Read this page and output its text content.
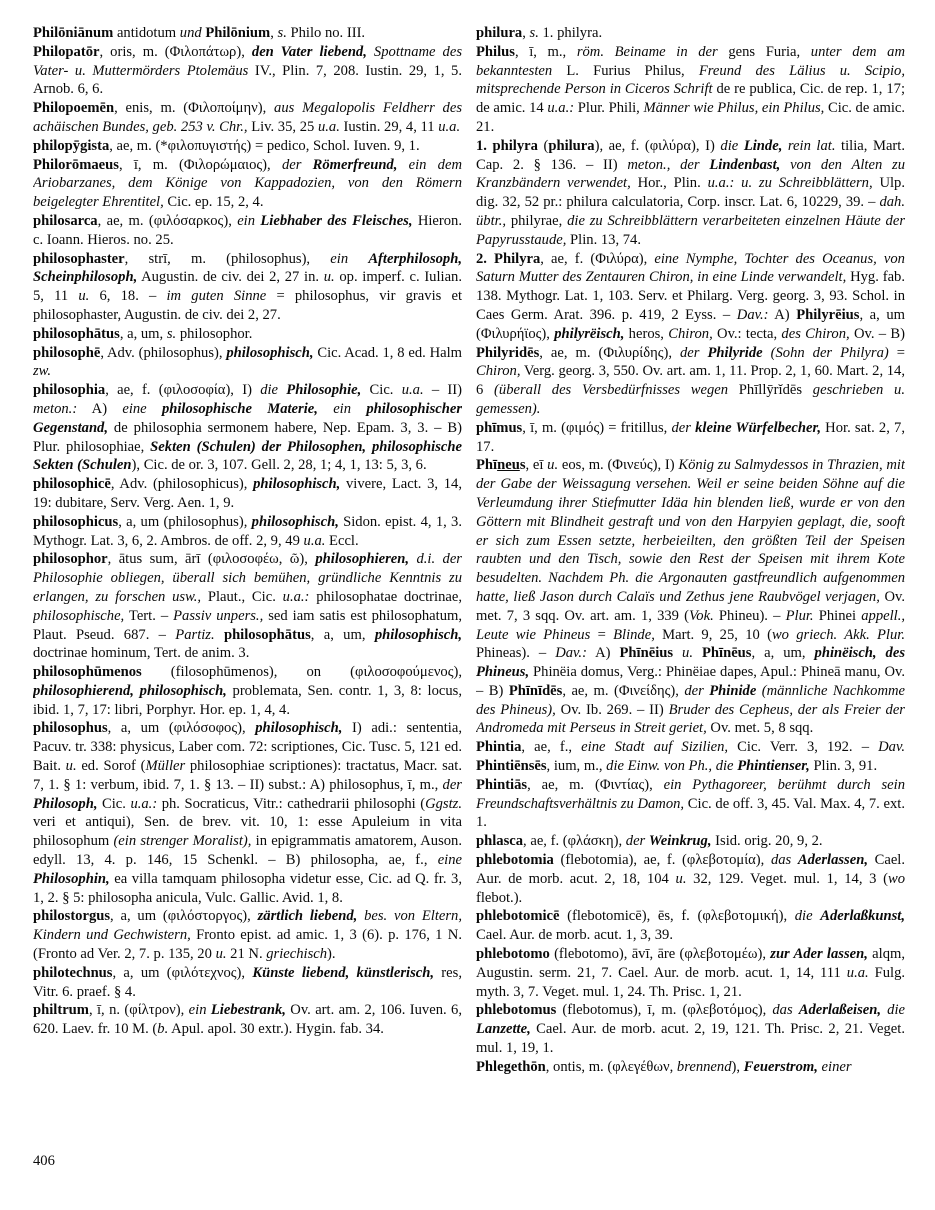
Philōniānum antidotum und Philōnium, s. Philo no. III.

Philopatōr, oris, m. (Φιλοπάτωρ), den Vater liebend, Spottname des Vater- u. Muttermörders Ptolemäus IV., Plin. 7, 208. Iustin. 29, 1, 5. Arnob. 6, 6.

Philopoemēn, enis, m. (Φιλοποίμην), aus Megalopolis Feldherr des achäischen Bundes, geb. 253 v. Chr., Liv. 35, 25 u.a. Iustin. 29, 4, 11 u.a.

philopȳgista, ae, m. (*φιλοπυγιστής) = pedico, Schol. Iuven. 9, 1.

Philorōmaeus, ī, m. (Φιλορώμαιος), der Römerfreund, ein dem Ariobarzanes, dem Könige von Kappadozien, von den Römern beigelegter Ehrentitel, Cic. ep. 15, 2, 4.

philosarca, ae, m. (φιλόσαρκος), ein Liebhaber des Fleisches, Hieron. c. Ioann. Hieros. no. 25.

philosophaster, strī, m. (philosophus), ein Afterphilosoph, Scheinphilosoph, Augustin. de civ. dei 2, 27 in. u. op. imperf. c. Iulian. 5, 11 u. 6, 18. – im guten Sinne = philosophus, vir gravis et philosophaster, Augustin. de civ. dei 2, 27.

philosophātus, a, um, s. philosophor.

philosophē, Adv. (philosophus), philosophisch, Cic. Acad. 1, 8 ed. Halm zw.

philosophia, ae, f. (φιλοσοφία), I) die Philosophie, Cic. u.a. – II) meton.: A) eine philosophische Materie, ein philosophischer Gegenstand, de philosophia sermonem habere, Nep. Epam. 3, 3. – B) Plur. philosophiae, Sekten (Schulen) der Philosophen, philosophische Sekten (Schulen), Cic. de or. 3, 107. Gell. 2, 28, 1; 4, 1, 13: 5, 3, 6.

philosophicē, Adv. (philosophicus), philosophisch, vivere, Lact. 3, 14, 19: dubitare, Serv. Verg. Aen. 1, 9.

philosophicus, a, um (philosophus), philosophisch, Sidon. epist. 4, 1, 3. Mythogr. Lat. 3, 6, 2. Ambros. de off. 2, 9, 49 u.a. Eccl.

philosophor, ātus sum, ārī (φιλοσοφέω, ῶ), philosophieren, d.i. der Philosophie obliegen, überall sich bemühen, gründliche Kenntnis zu erlangen, zu forschen usw., Plaut., Cic. u.a.: philosophatae doctrinae, philosophische, Tert. – Passiv unpers., sed iam satis est philosophatum, Plaut. Pseud. 687. – Partiz. philosophātus, a, um, philosophisch, doctrinae hominum, Tert. de anim. 3.

philosophūmenos (filosophūmenos), on (φιλοσοφούμενος), philosophierend, philosophisch, problemata, Sen. contr. 1, 3, 8: locus, ibid. 1, 7, 17: libri, Porphyr. Hor. ep. 1, 4, 4.

philosophus, a, um (φιλόσοφος), philosophisch, I) adi.: sententia, Pacuv. tr. 338: physicus, Laber com. 72: scriptiones, Cic. Tusc. 5, 121 ed. Bait. u. ed. Sorof (Müller philosophiae scriptiones): tractatus, Macr. sat. 7, 1. § 1: verbum, ibid. 7, 1. § 13. – II) subst.: A) philosophus, ī, m., der Philosoph, Cic. u.a.: ph. Socraticus, Vitr.: cathedrarii philosophi (Ggstz. veri et antiqui), Sen. de brev. vit. 10, 1: esse Apuleium in vita philosophum (ein strenger Moralist), in epigrammatis amatorem, Auson. edyll. 13, 4. p. 146, 15 Schenkl. – B) philosopha, ae, f., eine Philosophin, ea villa tamquam philosopha videtur esse, Cic. ad Q. fr. 3, 1, 2. § 5: philosopha anicula, Vulc. Gallic. Avid. 1, 8.

philostorgus, a, um (φιλόστοργος), zärtlich liebend, bes. von Eltern, Kindern und Gechwistern, Fronto epist. ad amic. 1, 3 (6). p. 176, 1 N. (Fronto ad Ver. 2, 7. p. 135, 20 u. 21 N. griechisch).

philotechnus, a, um (φιλότεχνος), Künste liebend, künstlerisch, res, Vitr. 6. praef. § 4.

philtrum, ī, n. (φίλτρον), ein Liebestrank, Ov. art. am. 2, 106. Iuven. 6, 620. Laev. fr. 10 M. (b. Apul. apol. 30 extr.). Hygin. fab. 34.

philura, s. 1. philyra.

Philus, ī, m., röm. Beiname in der gens Furia, unter dem am bekanntesten L. Furius Philus, Freund des Lälius u. Scipio, mitsprechende Person in Ciceros Schrift de re publica, Cic. de rep. 1, 17; de amic. 14 u.a.: Plur. Phili, Männer wie Philus, ein Philus, Cic. de amic. 21.

1. philyra (philura), ae, f. (φιλύρα), I) die Linde, rein lat. tilia, Mart. Cap. 2. § 136. – II) meton., der Lindenbast, von den Alten zu Kranzbändern verwendet, Hor., Plin. u.a.: u. zu Schreibblättern, Ulp. dig. 32, 52 pr.: philura calculatoria, Corp. inscr. Lat. 6, 10229, 39. – dah. übtr., philyrae, die zu Schreibblättern verarbeiteten einzelnen Häute der Papyrusstaude, Plin. 13, 74.

2. Philyra, ae, f. (Φιλύρα), eine Nymphe, Tochter des Oceanus, von Saturn Mutter des Zentauren Chiron, in eine Linde verwandelt, Hyg. fab. 138. Mythogr. Lat. 1, 103. Serv. et Philarg. Verg. georg. 3, 93. Schol. in Caes Germ. Arat. 396. p. 419, 2 Eyss. – Dav.: A) Philyrēius, a, um (Φιλυρήϊος), philyrëisch, heros, Chiron, Ov.: tecta, des Chiron, Ov. – B) Philyridēs, ae, m. (Φιλυρίδης), der Philyride (Sohn der Philyra) = Chiron, Verg. georg. 3, 550. Ov. art. am. 1, 11. Prop. 2, 1, 60. Mart. 2, 14, 6 (überall des Versbedürfnisses wegen Phīllȳrĭdēs geschrieben u. gemessen).

phīmus, ī, m. (φιμός) = fritillus, der kleine Würfelbecher, Hor. sat. 2, 7, 17.

Phīneus, eī u. eos, m. (Φινεύς), I) König zu Salmydessos in Thrazien, mit der Gabe der Weissagung versehen. Weil er seine beiden Söhne auf die Verleumdung ihrer Stiefmutter Idäa hin blenden ließ, wurde er von den Göttern mit Blindheit gestraft und von den Harpyien geplagt, die, sooft er sich zum Essen setzte, herbeieilten, den größten Teil der Speisen raubten und den Tisch, sowie den Rest der Speisen mit ihrem Kote besudelten. Nachdem Ph. die Argonauten gastfreundlich aufgenommen hatte, ließ Jason durch Calaïs und Zethus jene Raubvögel verjagen, Ov. met. 7, 3 sqq. Ov. art. am. 1, 339 (Vok. Phineu). – Plur. Phinei appell., Leute wie Phineus = Blinde, Mart. 9, 25, 10 (wo griech. Akk. Plur. Phineas). – Dav.: A) Phīnēius u. Phīnēus, a, um, phinëisch, des Phineus, Phinëia domus, Verg.: Phinëiae dapes, Apul.: Phineā manu, Ov. – B) Phīnīdēs, ae, m. (Φινείδης), der Phinide (männliche Nachkomme des Phineus), Ov. Ib. 269. – II) Bruder des Cepheus, der als Freier der Andromeda mit Perseus in Streit geriet, Ov. met. 5, 8 sqq.

Phintia, ae, f., eine Stadt auf Sizilien, Cic. Verr. 3, 192. – Dav. Phintiēnsēs, ium, m., die Einw. von Ph., die Phintienser, Plin. 3, 91.

Phintiās, ae, m. (Φιντίας), ein Pythagoreer, berühmt durch sein Freundschaftsverhältnis zu Damon, Cic. de off. 3, 45. Val. Max. 4, 7. ext. 1.

phlasca, ae, f. (φλάσκη), der Weinkrug, Isid. orig. 20, 9, 2.

phlebotomia (flebotomia), ae, f. (φλεβοτομία), das Aderlassen, Cael. Aur. de morb. acut. 2, 18, 104 u. 32, 129. Veget. mul. 1, 14, 3 (wo flebot.).

phlebotomicē (flebotomicē), ēs, f. (φλεβοτομική), die Aderlaßkunst, Cael. Aur. de morb. acut. 1, 3, 39.

phlebotomo (flebotomo), āvī, āre (φλεβοτομέω), zur Ader lassen, alqm, Augustin. serm. 21, 7. Cael. Aur. de morb. acut. 1, 14, 111 u.a. Fulg. myth. 3, 7. Veget. mul. 1, 24. Th. Prisc. 1, 21.

phlebotomus (flebotomus), ī, m. (φλεβοτόμος), das Aderlaßeisen, die Lanzette, Cael. Aur. de morb. acut. 2, 19, 121. Th. Prisc. 2, 21. Veget. mul. 1, 19, 1.

Phlegethōn, ontis, m. (φλεγέθων, brennend), Feuerstrom, einer

406
